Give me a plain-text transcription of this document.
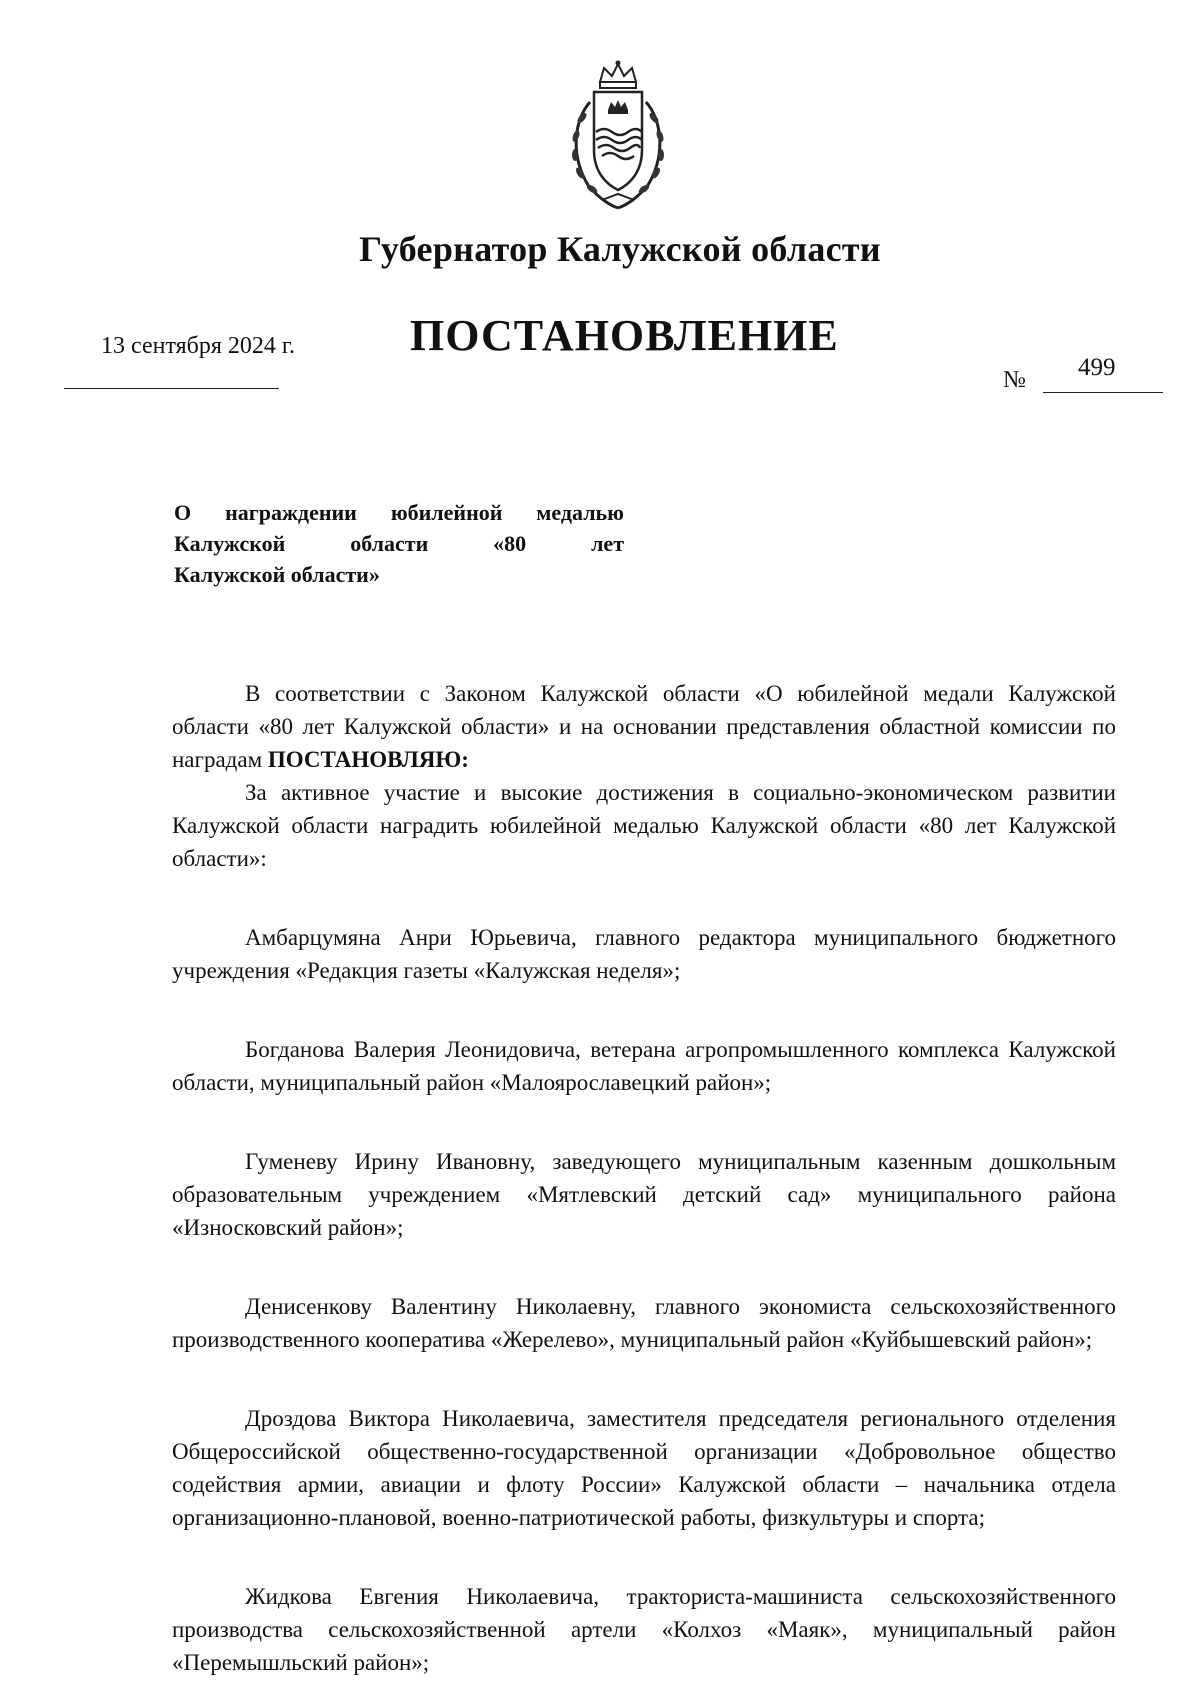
Губернатор Калужской области
ПОСТАНОВЛЕНИЕ
13 сентября 2024 г.
№ 499
О награждении юбилейной медалью
Калужской области «80 лет
Калужской области»

В соответствии с Законом Калужской области «О юбилейной медали Калужской области «80 лет Калужской области» и на основании представления областной комиссии по наградам ПОСТАНОВЛЯЮ:

За активное участие и высокие достижения в социально-экономическом развитии Калужской области наградить юбилейной медалью Калужской области «80 лет Калужской области»:

Амбарцумяна Анри Юрьевича, главного редактора муниципального бюджетного учреждения «Редакция газеты «Калужская неделя»;

Богданова Валерия Леонидовича, ветерана агропромышленного комплекса Калужской области, муниципальный район «Малоярославецкий район»;

Гуменеву Ирину Ивановну, заведующего муниципальным казенным дошкольным образовательным учреждением «Мятлевский детский сад» муниципального района «Износковский район»;

Денисенкову Валентину Николаевну, главного экономиста сельскохозяйственного производственного кооператива «Жерелево», муниципальный район «Куйбышевский район»;

Дроздова Виктора Николаевича, заместителя председателя регионального отделения Общероссийской общественно-государственной организации «Добровольное общество содействия армии, авиации и флоту России» Калужской области – начальника отдела организационно-плановой, военно-патриотической работы, физкультуры и спорта;

Жидкова Евгения Николаевича, тракториста-машиниста сельскохозяйственного производства сельскохозяйственной артели «Колхоз «Маяк», муниципальный район «Перемышльский район»;
